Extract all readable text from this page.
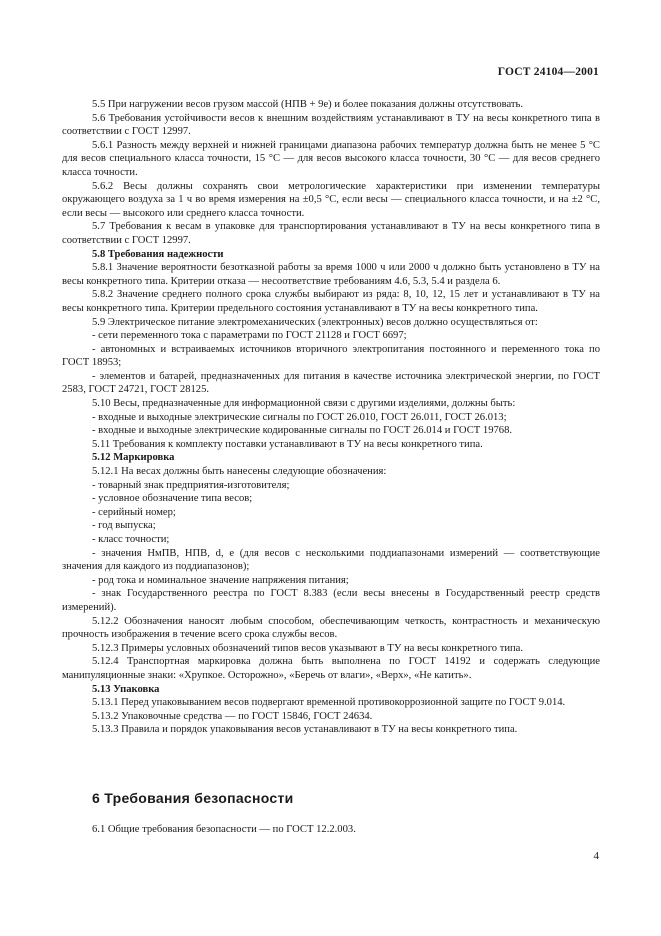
ГОСТ 24104—2001

5.5 При нагружении весов грузом массой (НПВ + 9e) и более показания должны отсутствовать.

5.6 Требования устойчивости весов к внешним воздействиям устанавливают в ТУ на весы конкретного типа в соответствии с ГОСТ 12997.

5.6.1 Разность между верхней и нижней границами диапазона рабочих температур должна быть не менее 5 °С для весов специального класса точности, 15 °С — для весов высокого класса точности, 30 °С — для весов среднего класса точности.

5.6.2 Весы должны сохранять свои метрологические характеристики при изменении температуры окружающего воздуха за 1 ч во время измерения на ±0,5 °С, если весы — специального класса точности, и на ±2 °С, если весы — высокого или среднего класса точности.

5.7 Требования к весам в упаковке для транспортирования устанавливают в ТУ на весы конкретного типа в соответствии с ГОСТ 12997.

5.8 Требования надежности

5.8.1 Значение вероятности безотказной работы за время 1000 ч или 2000 ч должно быть установлено в ТУ на весы конкретного типа. Критерии отказа — несоответствие требованиям 4.6, 5.3, 5.4 и раздела 6.

5.8.2 Значение среднего полного срока службы выбирают из ряда: 8, 10, 12, 15 лет и устанавливают в ТУ на весы конкретного типа. Критерии предельного состояния устанавливают в ТУ на весы конкретного типа.

5.9 Электрическое питание электромеханических (электронных) весов должно осуществляться от:

- сети переменного тока с параметрами по ГОСТ 21128 и ГОСТ 6697;

- автономных и встраиваемых источников вторичного электропитания постоянного и переменного тока по ГОСТ 18953;

- элементов и батарей, предназначенных для питания в качестве источника электрической энергии, по ГОСТ 2583, ГОСТ 24721, ГОСТ 28125.

5.10 Весы, предназначенные для информационной связи с другими изделиями, должны быть:

- входные и выходные электрические сигналы по ГОСТ 26.010, ГОСТ 26.011, ГОСТ 26.013;

- входные и выходные электрические кодированные сигналы по ГОСТ 26.014 и ГОСТ 19768.

5.11 Требования к комплекту поставки устанавливают в ТУ на весы конкретного типа.

5.12 Маркировка

5.12.1 На весах должны быть нанесены следующие обозначения:

- товарный знак предприятия-изготовителя;

- условное обозначение типа весов;

- серийный номер;

- год выпуска;

- класс точности;

- значения НмПВ, НПВ, d, e (для весов с несколькими поддиапазонами измерений — соответствующие значения для каждого из поддиапазонов);

- род тока и номинальное значение напряжения питания;

- знак Государственного реестра по ГОСТ 8.383 (если весы внесены в Государственный реестр средств измерений).

5.12.2 Обозначения наносят любым способом, обеспечивающим четкость, контрастность и механическую прочность изображения в течение всего срока службы весов.

5.12.3 Примеры условных обозначений типов весов указывают в ТУ на весы конкретного типа.

5.12.4 Транспортная маркировка должна быть выполнена по ГОСТ 14192 и содержать следующие манипуляционные знаки: «Хрупкое. Осторожно», «Беречь от влаги», «Верх», «Не катить».

5.13 Упаковка

5.13.1 Перед упаковыванием весов подвергают временной противокоррозионной защите по ГОСТ 9.014.

5.13.2 Упаковочные средства — по ГОСТ 15846, ГОСТ 24634.

5.13.3 Правила и порядок упаковывания весов устанавливают в ТУ на весы конкретного типа.

6 Требования безопасности
6.1 Общие требования безопасности — по ГОСТ 12.2.003.
4
